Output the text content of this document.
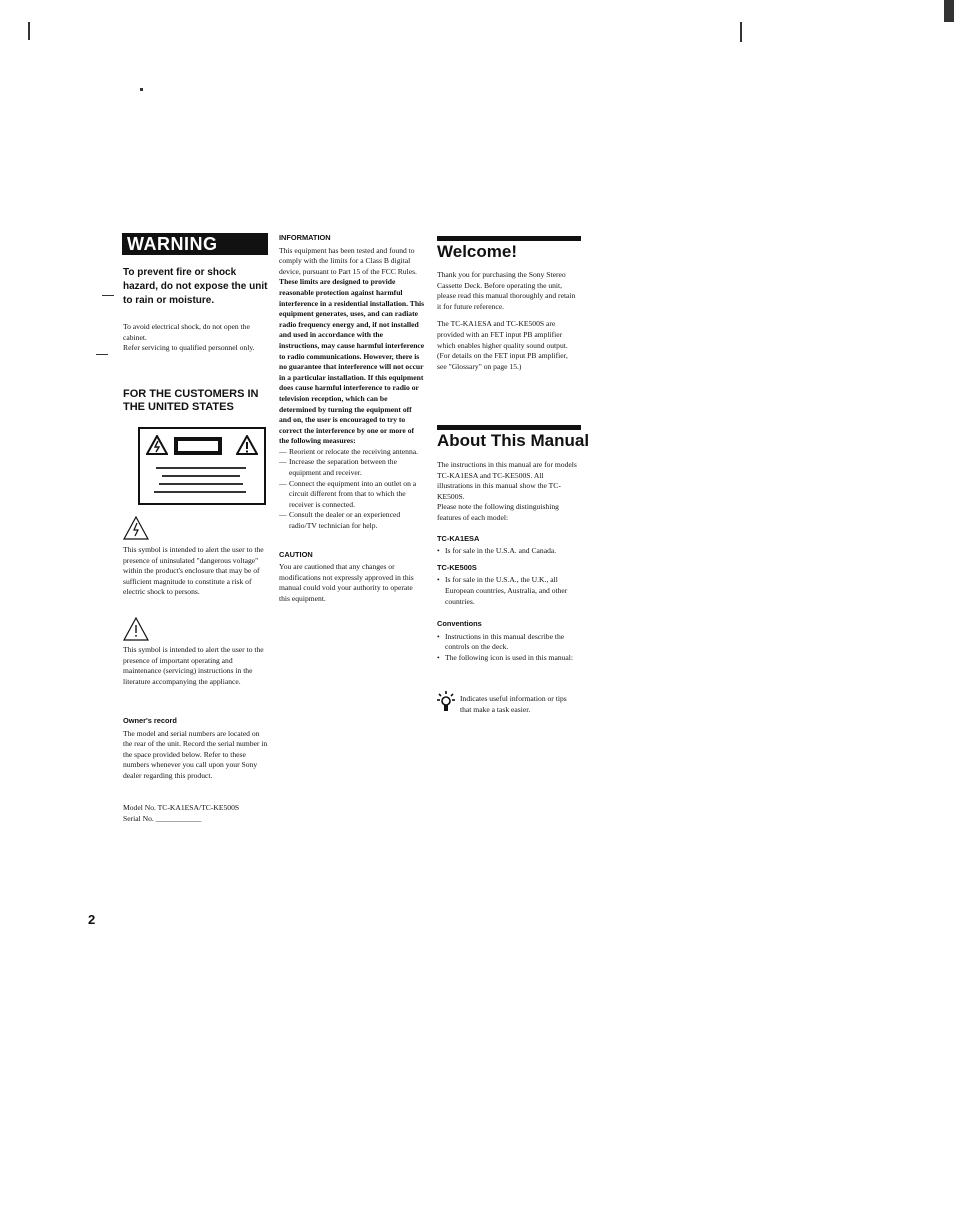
WARNING
To prevent fire or shock hazard, do not expose the unit to rain or moisture.

To avoid electrical shock, do not open the cabinet.

Refer servicing to qualified personnel only.

FOR THE CUSTOMERS IN THE UNITED STATES
This symbol is intended to alert the user to the presence of uninsulated "dangerous voltage" within the product's enclosure that may be of sufficient magnitude to constitute a risk of electric shock to persons.
This symbol is intended to alert the user to the presence of important operating and maintenance (servicing) instructions in the literature accompanying the appliance.
Owner's record

The model and serial numbers are located on the rear of the unit. Record the serial number in the space provided below. Refer to these numbers whenever you call upon your Sony dealer regarding this product.

Model No. TC-KA1ESA/TC-KE500S
Serial No. ____________
INFORMATION

This equipment has been tested and found to comply with the limits for a Class B digital device, pursuant to Part 15 of the FCC Rules.

These limits are designed to provide reasonable protection against harmful interference in a residential installation. This equipment generates, uses, and can radiate radio frequency energy and, if not installed and used in accordance with the instructions, may cause harmful interference to radio communications. However, there is no guarantee that interference will not occur in a particular installation. If this equipment does cause harmful interference to radio or television reception, which can be determined by turning the equipment off and on, the user is encouraged to try to correct the interference by one or more of the following measures:

— Reorient or relocate the receiving antenna.
— Increase the separation between the equipment and receiver.
— Connect the equipment into an outlet on a circuit different from that to which the receiver is connected.
— Consult the dealer or an experienced radio/TV technician for help.
CAUTION

You are cautioned that any changes or modifications not expressly approved in this manual could void your authority to operate this equipment.

Welcome!

Thank you for purchasing the Sony Stereo Cassette Deck. Before operating the unit, please read this manual thoroughly and retain it for future reference.

The TC-KA1ESA and TC-KE500S are provided with an FET input PB amplifier which enables higher quality sound output. (For details on the FET input PB amplifier, see "Glossary" on page 15.)

About This Manual

The instructions in this manual are for models TC-KA1ESA and TC-KE500S. All illustrations in this manual show the TC-KE500S.

Please note the following distinguishing features of each model:

TC-KA1ESA
• Is for sale in the U.S.A. and Canada.
TC-KE500S
• Is for sale in the U.S.A., the U.K., all European countries, Australia, and other countries.
Conventions
• Instructions in this manual describe the controls on the deck.
• The following icon is used in this manual:
Indicates useful information or tips that make a task easier.
2
